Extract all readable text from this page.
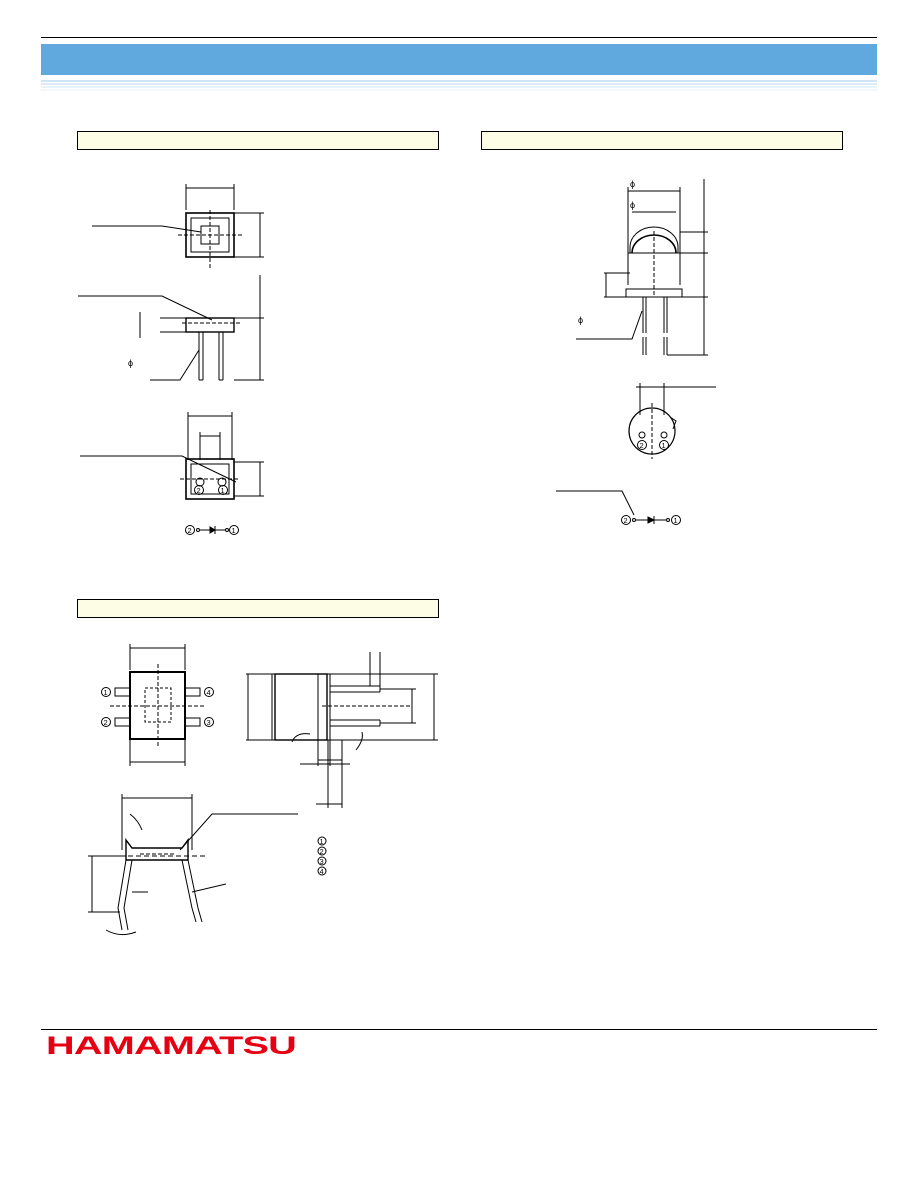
ϕ
2	1
2	1
ϕ
ϕ
ϕ
2 1
2	1
1
2
4
3
1
2
3
4
HAMAMATSU
